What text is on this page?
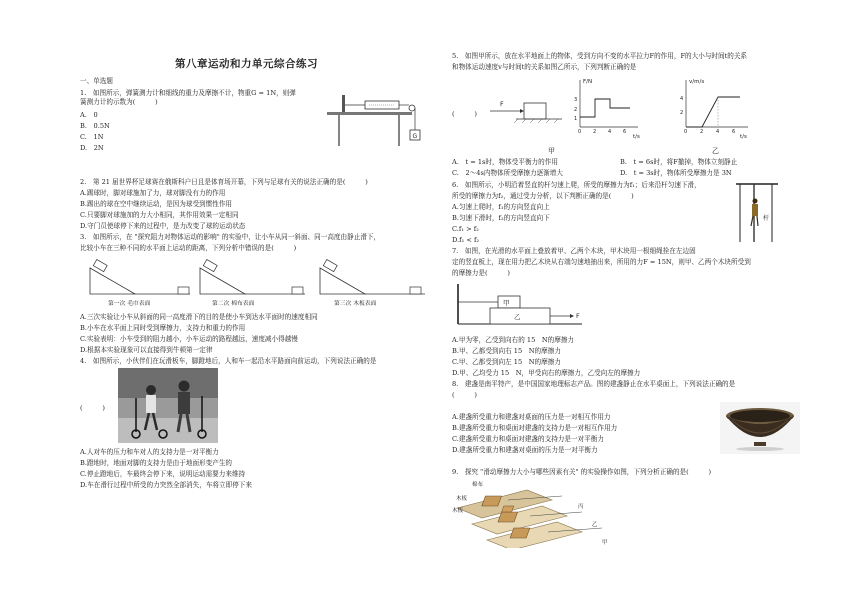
第八章运动和力单元综合练习
一、单选题
1.　如图所示，弹簧测力计和细线的重力及摩擦不计，物重G = 1N，则弹
簧测力计的示数为(　　　)
A.　0
B.　0.5N
C.　1N
D.　2N
G
2.　第 21 届世界杯足球赛在俄斯科户日且是体育场开幕，下列与足球有关的说法正确的是(　　　)
A.踢球时，脚对球施加了力，球对脚没有力的作用
B.踢出的球在空中继续运动，是因为球受到惯性作用
C.只要脚对球施加的力大小相同，其作用效果一定相同
D.守门员使球停下来的过程中，是力改变了球的运动状态
3.　如图所示，在 "探究阻力对物体运动的影响" 的实验中，让小车从同一斜面、同一高度由静止滑下，
比较小车在三种不同的水平面上运动的距离，下列分析中错误的是(　　　)
第一次 毛巾表面	第二次 棉布表面	第三次 木板表面
A.三次实验让小车从斜面的同一高度滑下的目的是使小车到达水平面时的速度相同
B.小车在水平面上同时受到摩擦力，支持力和重力的作用
C.实验表明：小车受到的阻力越小，小车运动的路程越远，速度减小得越慢
D.根据本实验现象可以直接得到牛顿第一定律
4.　如图所示，小伙伴们在玩滑板车，脚蹬地后，人和车一起沿水平路面向前运动，下列说法正确的是
(　　　)
A.人对车的压力和车对人的支持力是一对平衡力
B.蹬地时，地面对脚的支持力是由于地面形变产生的
C.停止蹬地后，车最终会停下来，说明运动需要力来维持
D.车在滑行过程中所受的力突然全部消失，车将立即停下来
5.　如图甲所示，放在水平地面上的物体，受到方向不变的水平拉力F的作用，F的大小与时间t的关系
和物体运动速度v与时间t的关系如图乙所示，下列判断正确的是
(　　　)
F
甲
F/N
t/s
3
2
1
0 2 4 6
v/m/s
t/s
4
2
0	2	4	6
乙
A.　t = 1s时，物体受平衡力的作用	B.　t = 6s时，将F撤掉，物体立刻静止
C.　2～4s内物体所受摩擦力逐渐增大	D.　t = 3s时，物体所受摩擦力是 3N
6.　如图所示，小明沿着竖直的杆匀速上爬，所受的摩擦力为f₁；后来沿杆匀速下滑，
所受的摩擦力为f₂，通过受力分析，以下判断正确的是(　　　)
A.匀速上爬时，f₁的方向竖直向上
B.匀速下滑时，f₂的方向竖直向下
C.f₁ > f₂
D.f₁ < f₂
杆
7.　如图，在光滑的水平面上叠放着甲、乙两个木块，甲木块用一根细绳拴在左边固
定的竖直板上，现在用力把乙木块从右端匀速地抽出来，所用的力F = 15N，则甲、乙两个木块所受到
的摩擦力是(　　　)
甲
乙	F
A.甲为零，乙受到向右的 15　N的摩擦力
B.甲、乙都受到向右 15　N的摩擦力
C.甲、乙都受到向左 15　N的摩擦力
D.甲、乙均受力 15　N，甲受向右的摩擦力，乙受向左的摩擦力
8.　建盏是南平特产，是中国国家地理标志产品。图的建盏静止在水平桌面上，下列说法正确的是
(　　　)
A.建盏所受重力和建盏对桌面的压力是一对相互作用力
B.建盏所受重力和桌面对建盏的支持力是一对相互作用力
C.建盏所受重力和桌面对建盏的支持力是一对平衡力
D.建盏所受重力和建盏对桌面的压力是一对平衡力
9.　探究 "滑动摩擦力大小与哪些因素有关" 的实验操作如图，下列分析正确的是(　　　)
棉布
木板
木板
丙
乙
甲
